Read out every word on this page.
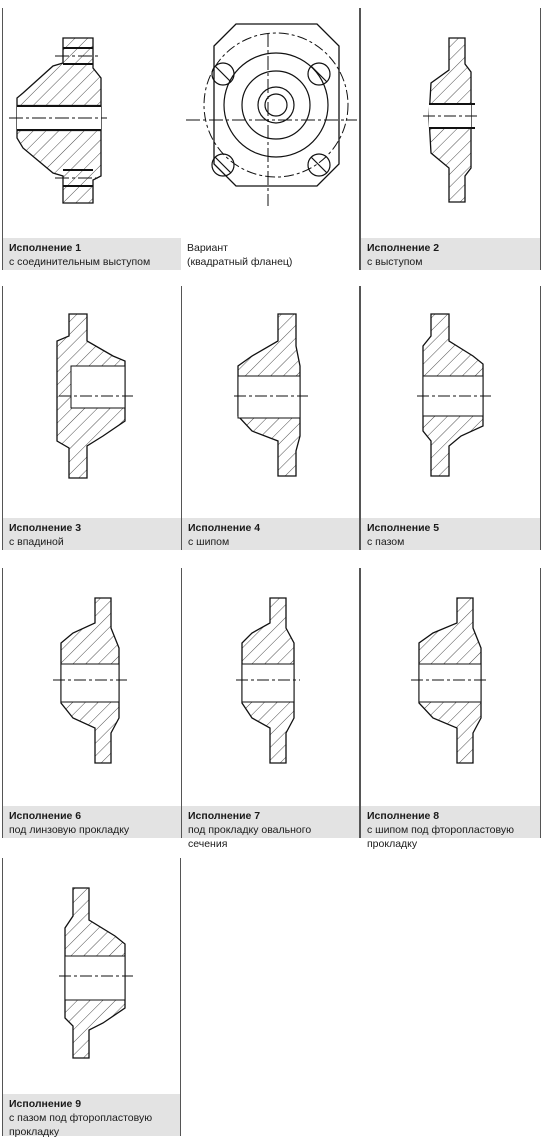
Исполнение 1
с соединительным выступом
Вариант
(квадратный фланец)
Исполнение 2
с выступом
Исполнение 3
с впадиной
Исполнение 4
с шипом
Исполнение 5
с пазом
Исполнение 6
под линзовую прокладку
Исполнение 7
под прокладку овального сечения
Исполнение 8
с шипом под фторопластовую прокладку
Исполнение 9
с пазом под фторопластовую прокладку
